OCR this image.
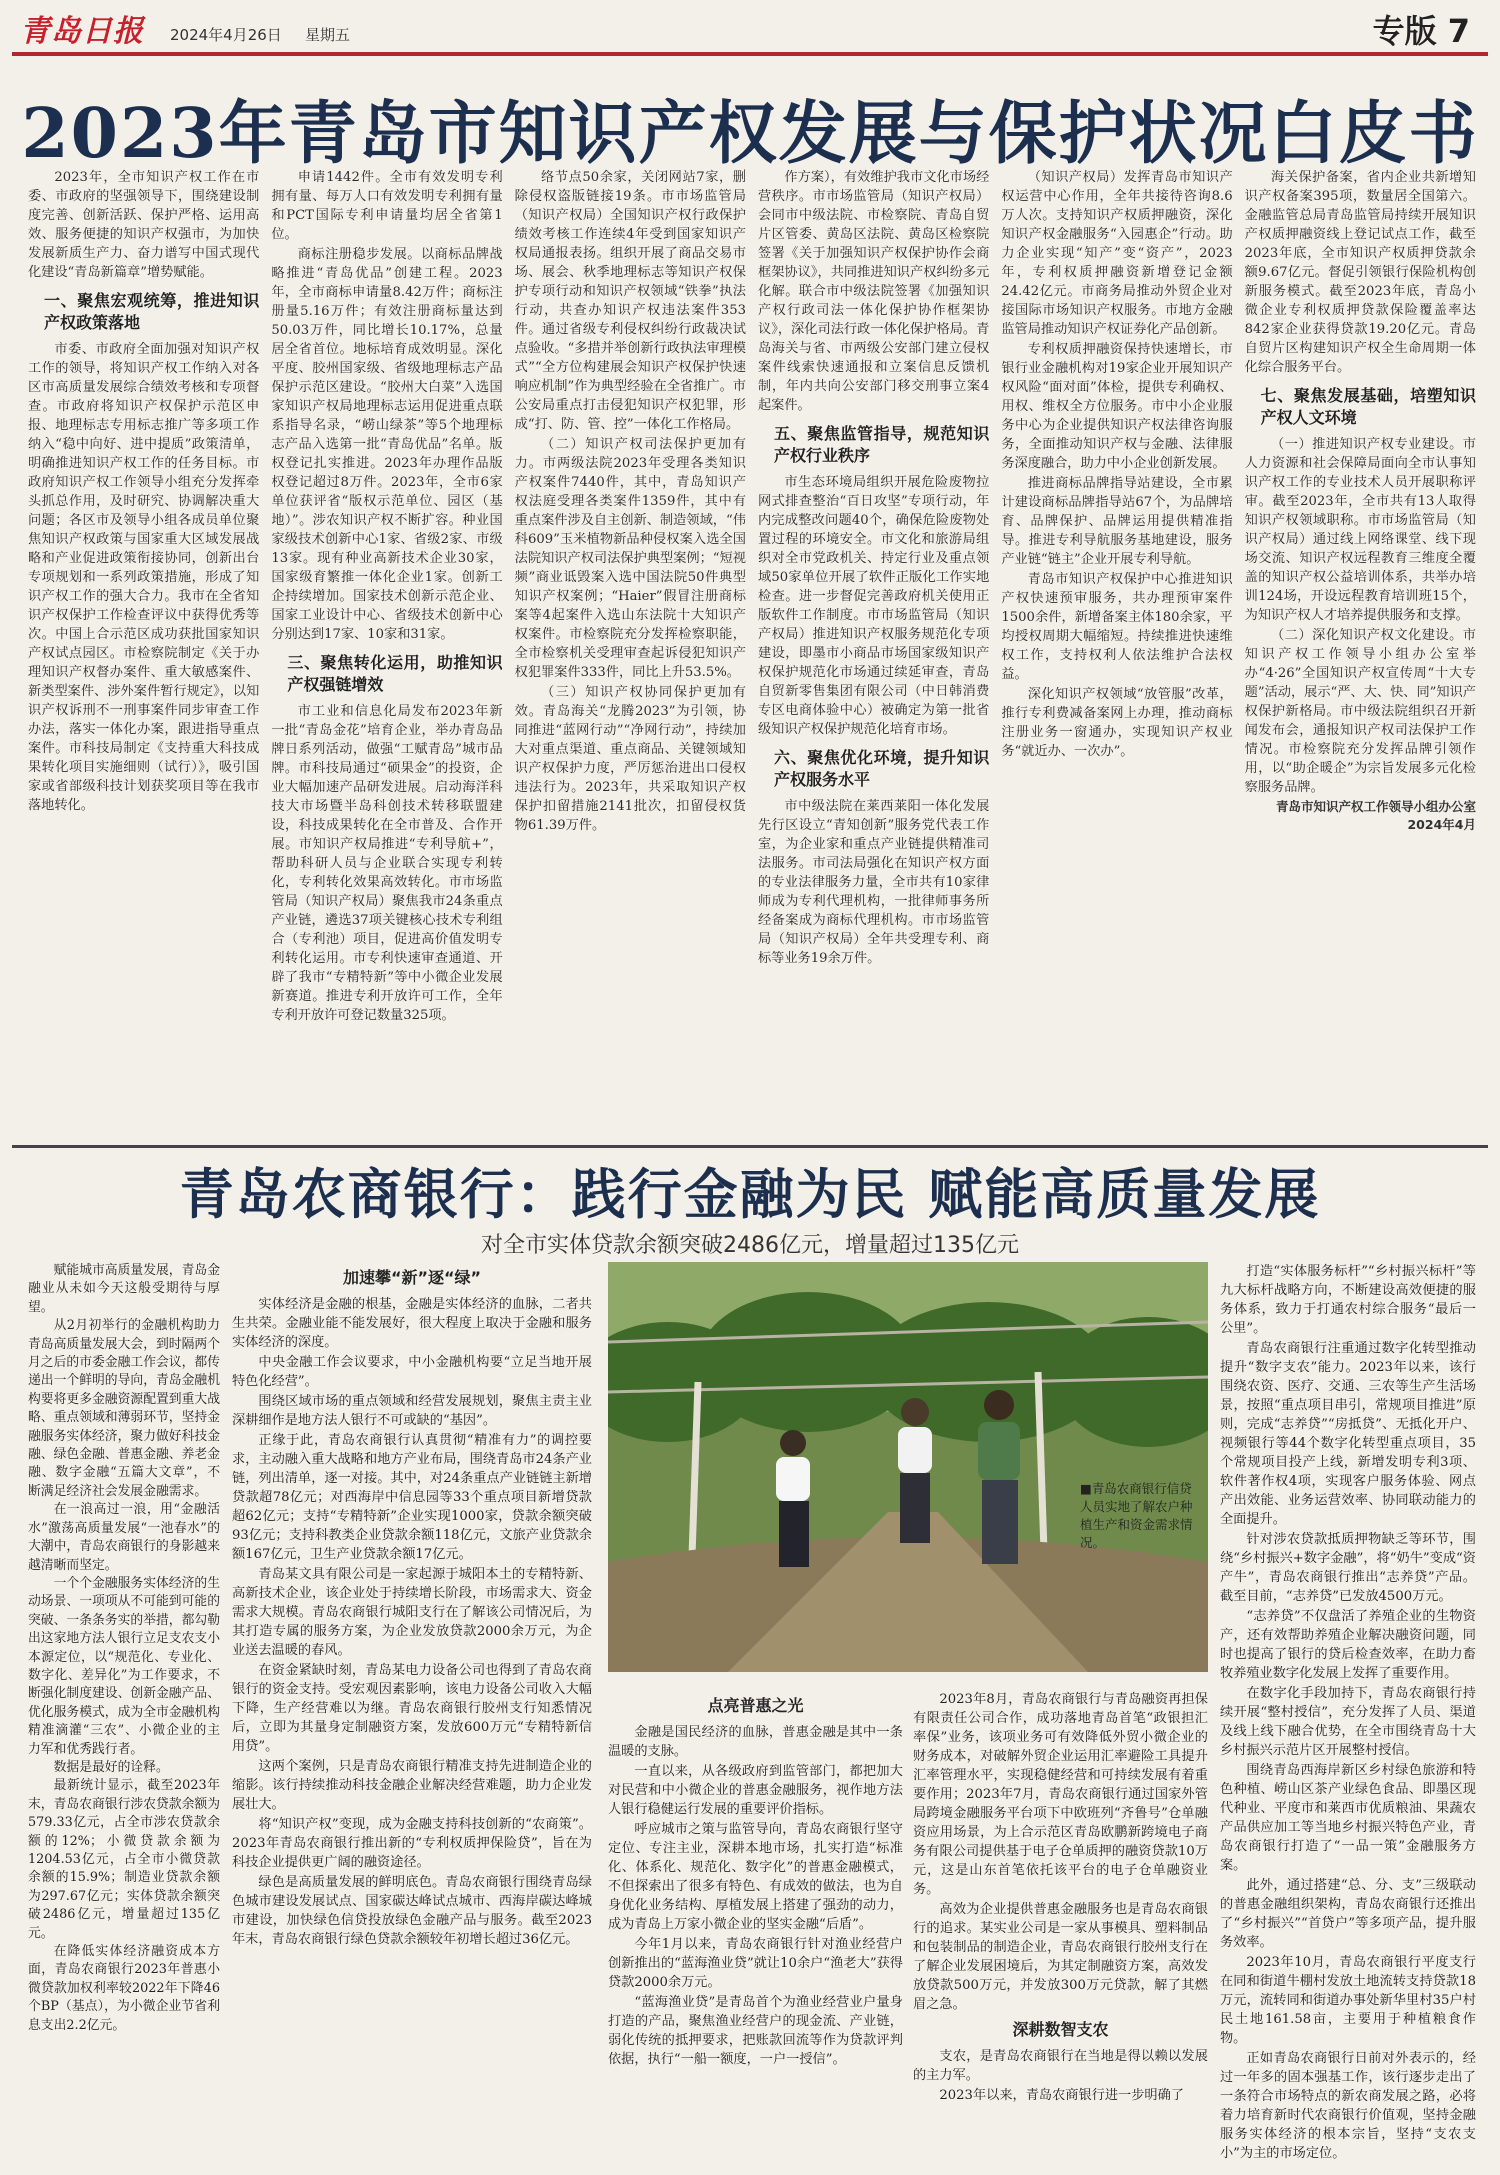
青岛日报 2024年4月26日 星期五	专版 7
2023年青岛市知识产权发展与保护状况白皮书

2023年，全市知识产权工作在市委、市政府的坚强领导下，围绕建设制度完善、创新活跃、保护严格、运用高效、服务便捷的知识产权强市，为加快发展新质生产力、奋力谱写中国式现代化建设“青岛新篇章”增势赋能。

一、聚焦宏观统筹，推进知识产权政策落地

市委、市政府全面加强对知识产权工作的领导，将知识产权工作纳入对各区市高质量发展综合绩效考核和专项督查。市政府将知识产权保护示范区申报、地理标志专用标志推广等多项工作纳入“稳中向好、进中提质”政策清单，明确推进知识产权工作的任务目标。市政府知识产权工作领导小组充分发挥牵头抓总作用，及时研究、协调解决重大问题；各区市及领导小组各成员单位聚焦知识产权政策与国家重大区域发展战略和产业促进政策衔接协同，创新出台专项规划和一系列政策措施，形成了知识产权工作的强大合力。我市在全省知识产权保护工作检查评议中获得优秀等次。中国上合示范区成功获批国家知识产权试点园区。市检察院制定《关于办理知识产权督办案件、重大敏感案件、新类型案件、涉外案件暂行规定》，以知识产权诉刑不一刑事案件同步审查工作办法，落实一体化办案，跟进指导重点案件。市科技局制定《支持重大科技成果转化项目实施细则（试行）》，吸引国家或省部级科技计划获奖项目等在我市落地转化。

申请1442件。全市有效发明专利拥有量、每万人口有效发明专利拥有量和PCT国际专利申请量均居全省第1位。

商标注册稳步发展。以商标品牌战略推进“青岛优品”创建工程。2023年，全市商标申请量8.42万件；商标注册量5.16万件；有效注册商标量达到50.03万件，同比增长10.17%，总量居全省首位。地标培育成效明显。深化平度、胶州国家级、省级地理标志产品保护示范区建设。“胶州大白菜”入选国家知识产权局地理标志运用促进重点联系指导名录，“崂山绿茶”等5个地理标志产品入选第一批“青岛优品”名单。版权登记扎实推进。2023年办理作品版权登记超过8万件。2023年，全市6家单位获评省“版权示范单位、园区（基地）”。涉农知识产权不断扩容。种业国家级技术创新中心1家、省级2家、市级13家。现有种业高新技术企业30家，国家级育繁推一体化企业1家。创新工企持续增加。国家技术创新示范企业、国家工业设计中心、省级技术创新中心分别达到17家、10家和31家。

三、聚焦转化运用，助推知识产权强链增效

市工业和信息化局发布2023年新一批“青岛金花”培育企业，举办青岛品牌日系列活动，做强“工赋青岛”城市品牌。市科技局通过“硕果金”的投资，企业大幅加速产品研发进展。启动海洋科技大市场暨半岛科创技术转移联盟建设，科技成果转化在全市普及、合作开展。市知识产权局推进“专利导航+”，帮助科研人员与企业联合实现专利转化，专利转化效果高效转化。市市场监管局（知识产权局）聚焦我市24条重点产业链，遴选37项关键核心技术专利组合（专利池）项目，促进高价值发明专利转化运用。市专利快速审查通道、开辟了我市“专精特新”等中小微企业发展新赛道。推进专利开放许可工作，全年专利开放许可登记数量325项。

络节点50余家，关闭网站7家，删除侵权盗版链接19条。市市场监管局（知识产权局）全国知识产权行政保护绩效考核工作连续4年受到国家知识产权局通报表扬。组织开展了商品交易市场、展会、秋季地理标志等知识产权保护专项行动和知识产权领域“铁拳”执法行动，共查办知识产权违法案件353件。通过省级专利侵权纠纷行政裁决试点验收。“多措并举创新行政执法审理模式”“全方位构建展会知识产权保护快速响应机制”作为典型经验在全省推广。市公安局重点打击侵犯知识产权犯罪，形成“打、防、管、控”一体化工作格局。

（二）知识产权司法保护更加有力。市两级法院2023年受理各类知识产权案件7440件，其中，青岛知识产权法庭受理各类案件1359件，其中有重点案件涉及自主创新、制造领域，“伟科609”玉米植物新品种侵权案入选全国法院知识产权司法保护典型案例；“短视频”商业诋毁案入选中国法院50件典型知识产权案例；“Haier”假冒注册商标案等4起案件入选山东法院十大知识产权案件。市检察院充分发挥检察职能，全市检察机关受理审查起诉侵犯知识产权犯罪案件333件，同比上升53.5%。

（三）知识产权协同保护更加有效。青岛海关“龙腾2023”为引领，协同推进“蓝网行动”“净网行动”，持续加大对重点渠道、重点商品、关键领域知识产权保护力度，严厉惩治进出口侵权违法行为。2023年，共采取知识产权保护扣留措施2141批次，扣留侵权货物61.39万件。

作方案），有效维护我市文化市场经营秩序。市市场监管局（知识产权局）会同市中级法院、市检察院、青岛自贸片区管委、黄岛区法院、黄岛区检察院签署《关于加强知识产权保护协作会商框架协议》，共同推进知识产权纠纷多元化解。联合市中级法院签署《加强知识产权行政司法一体化保护协作框架协议》，深化司法行政一体化保护格局。青岛海关与省、市两级公安部门建立侵权案件线索快速通报和立案信息反馈机制，年内共向公安部门移交刑事立案4起案件。

五、聚焦监管指导，规范知识产权行业秩序

市生态环境局组织开展危险废物拉网式排查整治“百日攻坚”专项行动，年内完成整改问题40个，确保危险废物处置过程的环境安全。市文化和旅游局组织对全市党政机关、持定行业及重点领域50家单位开展了软件正版化工作实地检查。进一步督促完善政府机关使用正版软件工作制度。市市场监管局（知识产权局）推进知识产权服务规范化专项建设，即墨市小商品市场国家级知识产权保护规范化市场通过续延审查，青岛自贸新零售集团有限公司（中日韩消费专区电商体验中心）被确定为第一批省级知识产权保护规范化培育市场。

六、聚焦优化环境，提升知识产权服务水平

市中级法院在莱西莱阳一体化发展先行区设立“青知创新”服务党代表工作室，为企业家和重点产业链提供精准司法服务。市司法局强化在知识产权方面的专业法律服务力量，全市共有10家律师成为专利代理机构，一批律师事务所经备案成为商标代理机构。市市场监管局（知识产权局）全年共受理专利、商标等业务19余万件。

（知识产权局）发挥青岛市知识产权运营中心作用，全年共接待咨询8.6万人次。支持知识产权质押融资，深化知识产权金融服务“入园惠企”行动。助力企业实现“知产”变“资产”，2023年，专利权质押融资新增登记金额24.42亿元。市商务局推动外贸企业对接国际市场知识产权服务。市地方金融监管局推动知识产权证券化产品创新。

专利权质押融资保持快速增长，市银行业金融机构对19家企业开展知识产权风险“面对面”体检，提供专利确权、用权、维权全方位服务。市中小企业服务中心为企业提供知识产权法律咨询服务，全面推动知识产权与金融、法律服务深度融合，助力中小企业创新发展。

推进商标品牌指导站建设，全市累计建设商标品牌指导站67个，为品牌培育、品牌保护、品牌运用提供精准指导。推进专利导航服务基地建设，服务产业链“链主”企业开展专利导航。

青岛市知识产权保护中心推进知识产权快速预审服务，共办理预审案件1500余件，新增备案主体180余家，平均授权周期大幅缩短。持续推进快速维权工作，支持权利人依法维护合法权益。

深化知识产权领域“放管服”改革，推行专利费减备案网上办理，推动商标注册业务一窗通办，实现知识产权业务“就近办、一次办”。

海关保护备案，省内企业共新增知识产权备案395项，数量居全国第六。金融监管总局青岛监管局持续开展知识产权质押融资线上登记试点工作，截至2023年底，全市知识产权质押贷款余额9.67亿元。督促引领银行保险机构创新服务模式。截至2023年底，青岛小微企业专利权质押贷款保险覆盖率达842家企业获得贷款19.20亿元。青岛自贸片区构建知识产权全生命周期一体化综合服务平台。

七、聚焦发展基础，培塑知识产权人文环境

（一）推进知识产权专业建设。市人力资源和社会保障局面向全市认事知识产权工作的专业技术人员开展职称评审。截至2023年，全市共有13人取得知识产权领域职称。市市场监管局（知识产权局）通过线上网络课堂、线下现场交流、知识产权远程教育三维度全覆盖的知识产权公益培训体系，共举办培训124场，开设远程教育培训班15个，为知识产权人才培养提供服务和支撑。

（二）深化知识产权文化建设。市知识产权工作领导小组办公室举办“4·26”全国知识产权宣传周“十大专题”活动，展示“严、大、快、同”知识产权保护新格局。市中级法院组织召开新闻发布会，通报知识产权司法保护工作情况。市检察院充分发挥品牌引领作用，以“助企暖企”为宗旨发展多元化检察服务品牌。

青岛市知识产权工作领导小组办公室
2024年4月
青岛农商银行：践行金融为民 赋能高质量发展
对全市实体贷款余额突破2486亿元，增量超过135亿元

赋能城市高质量发展，青岛金融业从未如今天这般受期待与厚望。

从2月初举行的金融机构助力青岛高质量发展大会，到时隔两个月之后的市委金融工作会议，都传递出一个鲜明的导向，青岛金融机构要将更多金融资源配置到重大战略、重点领域和薄弱环节，坚持金融服务实体经济，聚力做好科技金融、绿色金融、普惠金融、养老金融、数字金融“五篇大文章”，不断满足经济社会发展金融需求。

在一浪高过一浪，用“金融活水”激荡高质量发展“一池春水”的大潮中，青岛农商银行的身影越来越清晰而坚定。

一个个金融服务实体经济的生动场景、一项项从不可能到可能的突破、一条条务实的举措，都勾勒出这家地方法人银行立足支农支小本源定位，以“规范化、专业化、数字化、差异化”为工作要求，不断强化制度建设、创新金融产品、优化服务模式，成为全市金融机构精准滴灌“三农”、小微企业的主力军和优秀践行者。

数据是最好的诠释。

最新统计显示，截至2023年末，青岛农商银行涉农贷款余额为579.33亿元，占全市涉农贷款余额的12%；小微贷款余额为1204.53亿元，占全市小微贷款余额的15.9%；制造业贷款余额为297.67亿元；实体贷款余额突破2486亿元，增量超过135亿元。

在降低实体经济融资成本方面，青岛农商银行2023年普惠小微贷款加权利率较2022年下降46个BP（基点），为小微企业节省利息支出2.2亿元。

加速攀“新”逐“绿”

实体经济是金融的根基，金融是实体经济的血脉，二者共生共荣。金融业能不能发展好，很大程度上取决于金融和服务实体经济的深度。

中央金融工作会议要求，中小金融机构要“立足当地开展特色化经营”。

围绕区域市场的重点领域和经营发展规划，聚焦主责主业深耕细作是地方法人银行不可或缺的“基因”。

正缘于此，青岛农商银行认真贯彻“精准有力”的调控要求，主动融入重大战略和地方产业布局，围绕青岛市24条产业链，列出清单，逐一对接。其中，对24条重点产业链链主新增贷款超78亿元；对西海岸中信息园等33个重点项目新增贷款超62亿元；支持“专精特新”企业实现1000家，贷款余额突破93亿元；支持科教类企业贷款余额118亿元，文旅产业贷款余额167亿元，卫生产业贷款余额17亿元。

青岛某文具有限公司是一家起源于城阳本土的专精特新、高新技术企业，该企业处于持续增长阶段，市场需求大、资金需求大规模。青岛农商银行城阳支行在了解该公司情况后，为其打造专属的服务方案，为企业发放贷款2000余万元，为企业送去温暖的春风。

在资金紧缺时刻，青岛某电力设备公司也得到了青岛农商银行的资金支持。受宏观因素影响，该电力设备公司收入大幅下降，生产经营难以为继。青岛农商银行胶州支行知悉情况后，立即为其量身定制融资方案，发放600万元“专精特新信用贷”。

这两个案例，只是青岛农商银行精准支持先进制造企业的缩影。该行持续推动科技金融企业解决经营难题，助力企业发展壮大。

将“知识产权”变现，成为金融支持科技创新的“农商策”。2023年青岛农商银行推出新的“专利权质押保险贷”，旨在为科技企业提供更广阔的融资途径。

绿色是高质量发展的鲜明底色。青岛农商银行围绕青岛绿色城市建设发展试点、国家碳达峰试点城市、西海岸碳达峰城市建设，加快绿色信贷投放绿色金融产品与服务。截至2023年末，青岛农商银行绿色贷款余额较年初增长超过36亿元。

■青岛农商银行信贷人员实地了解农户种植生产和资金需求情况。
点亮普惠之光

金融是国民经济的血脉，普惠金融是其中一条温暖的支脉。

一直以来，从各级政府到监管部门，都把加大对民营和中小微企业的普惠金融服务，视作地方法人银行稳健运行发展的重要评价指标。

呼应城市之策与监管导向，青岛农商银行坚守定位、专注主业，深耕本地市场，扎实打造“标准化、体系化、规范化、数字化”的普惠金融模式，不但探索出了很多有特色、有成效的做法，也为自身优化业务结构、厚植发展上搭建了强劲的动力，成为青岛上万家小微企业的坚实金融“后盾”。

今年1月以来，青岛农商银行针对渔业经营户创新推出的“蓝海渔业贷”就让10余户“渔老大”获得贷款2000余万元。

“蓝海渔业贷”是青岛首个为渔业经营业户量身打造的产品，聚焦渔业经营户的现金流、产业链，弱化传统的抵押要求，把账款回流等作为贷款评判依据，执行“一船一额度，一户一授信”。

2023年8月，青岛农商银行与青岛融资再担保有限责任公司合作，成功落地青岛首笔“政银担汇率保”业务，该项业务可有效降低外贸小微企业的财务成本，对破解外贸企业运用汇率避险工具提升汇率管理水平，实现稳健经营和可持续发展有着重要作用；2023年7月，青岛农商银行通过国家外管局跨境金融服务平台项下中欧班列“齐鲁号”仓单融资应用场景，为上合示范区青岛欧鹏新跨境电子商务有限公司提供基于电子仓单质押的融资贷款10万元，这是山东首笔依托该平台的电子仓单融资业务。

高效为企业提供普惠金融服务也是青岛农商银行的追求。某实业公司是一家从事模具、塑料制品和包装制品的制造企业，青岛农商银行胶州支行在了解企业发展困境后，为其定制融资方案，高效发放贷款500万元，并发放300万元贷款，解了其燃眉之急。

深耕数智支农

支农，是青岛农商银行在当地是得以赖以发展的主力军。

2023年以来，青岛农商银行进一步明确了

打造“实体服务标杆”“乡村振兴标杆”等九大标杆战略方向，不断建设高效便捷的服务体系，致力于打通农村综合服务“最后一公里”。

青岛农商银行注重通过数字化转型推动提升“数字支农”能力。2023年以来，该行围绕农资、医疗、交通、三农等生产生活场景，按照“重点项目串引，常规项目推进”原则，完成“志养贷”“房抵贷”、无抵化开户、视频银行等44个数字化转型重点项目，35个常规项目投产上线，新增发明专利3项、软件著作权4项，实现客户服务体验、网点产出效能、业务运营效率、协同联动能力的全面提升。

针对涉农贷款抵质押物缺乏等环节，围绕“乡村振兴+数字金融”，将“奶牛”变成“资产牛”，青岛农商银行推出“志养贷”产品。截至目前，“志养贷”已发放4500万元。

“志养贷”不仅盘活了养殖企业的生物资产，还有效帮助养殖企业解决融资问题，同时也提高了银行的贷后检查效率，在助力畜牧养殖业数字化发展上发挥了重要作用。

在数字化手段加持下，青岛农商银行持续开展“整村授信”，充分发挥了人员、渠道及线上线下融合优势，在全市围绕青岛十大乡村振兴示范片区开展整村授信。

围绕青岛西海岸新区乡村绿色旅游和特色种植、崂山区茶产业绿色食品、即墨区现代种业、平度市和莱西市优质粮油、果蔬农产品供应加工等当地乡村振兴特色产业，青岛农商银行打造了“一品一策”金融服务方案。

此外，通过搭建“总、分、支”三级联动的普惠金融组织架构，青岛农商银行还推出了“乡村振兴”“首贷户”等多项产品，提升服务效率。

2023年10月，青岛农商银行平度支行在同和街道牛棚村发放土地流转支持贷款18万元，流转同和街道办事处新华里村35户村民土地161.58亩，主要用于种植粮食作物。

正如青岛农商银行日前对外表示的，经过一年多的固本强基工作，该行逐步走出了一条符合市场特点的新农商发展之路，必将着力培育新时代农商银行价值观，坚持金融服务实体经济的根本宗旨，坚持“支农支小”为主的市场定位。
